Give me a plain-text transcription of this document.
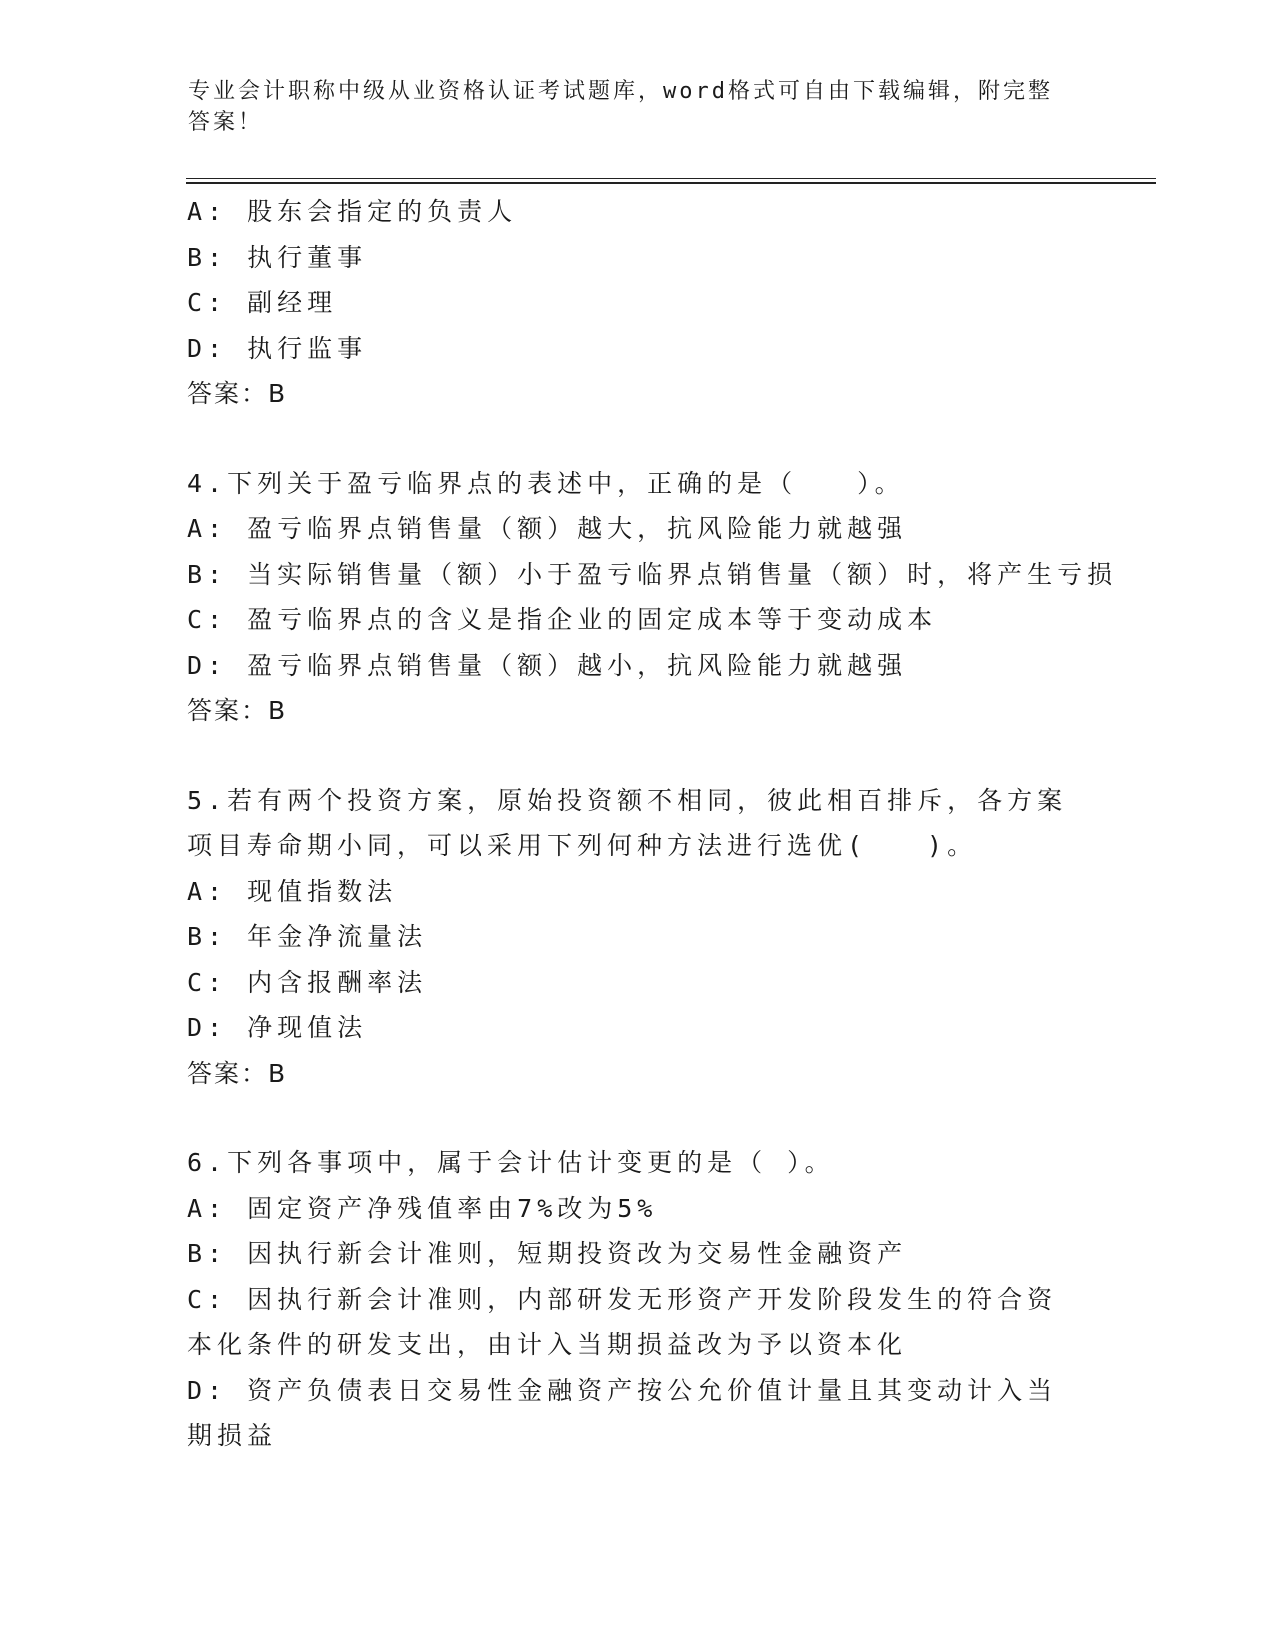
专业会计职称中级从业资格认证考试题库，word格式可自由下载编辑，附完整答案！
A: 股东会指定的负责人
B: 执行董事
C: 副经理
D: 执行监事
答案：B
4.下列关于盈亏临界点的表述中，正确的是（　　）。
A: 盈亏临界点销售量（额）越大，抗风险能力就越强
B: 当实际销售量（额）小于盈亏临界点销售量（额）时，将产生亏损
C: 盈亏临界点的含义是指企业的固定成本等于变动成本
D: 盈亏临界点销售量（额）越小，抗风险能力就越强
答案：B
5.若有两个投资方案，原始投资额不相同，彼此相百排斥，各方案项目寿命期小同，可以采用下列何种方法进行选优(　　)。
A: 现值指数法
B: 年金净流量法
C: 内含报酬率法
D: 净现值法
答案：B
6.下列各事项中，属于会计估计变更的是（ ）。
A: 固定资产净残值率由7%改为5%
B: 因执行新会计准则，短期投资改为交易性金融资产
C: 因执行新会计准则，内部研发无形资产开发阶段发生的符合资本化条件的研发支出，由计入当期损益改为予以资本化
D: 资产负债表日交易性金融资产按公允价值计量且其变动计入当期损益
